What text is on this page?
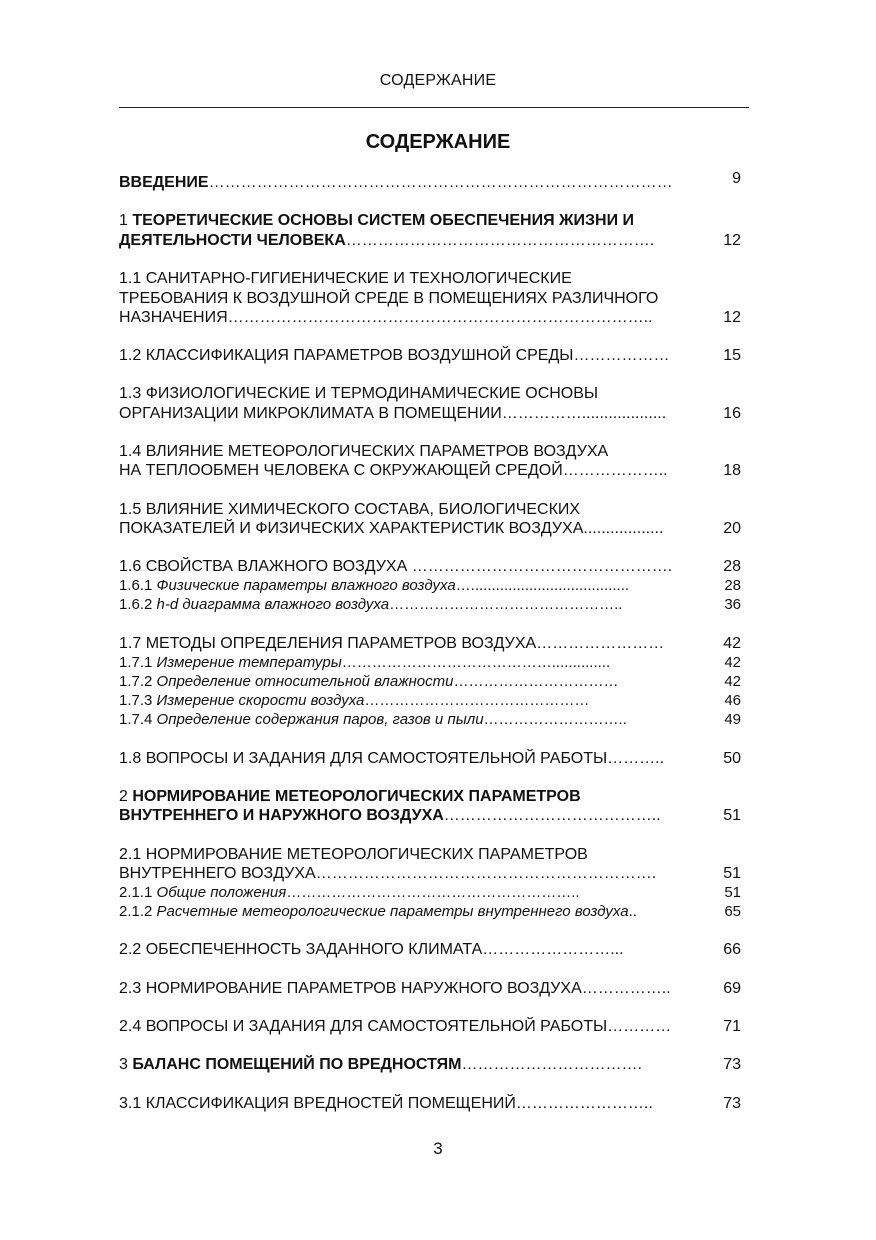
СОДЕРЖАНИЕ
СОДЕРЖАНИЕ
ВВЕДЕНИЕ……………………………………………………………………………	9
1 ТЕОРЕТИЧЕСКИЕ ОСНОВЫ СИСТЕМ ОБЕСПЕЧЕНИЯ ЖИЗНИ И
ДЕЯТЕЛЬНОСТИ ЧЕЛОВЕКА………………………………………………….	12
1.1 САНИТАРНО-ГИГИЕНИЧЕСКИЕ И ТЕХНОЛОГИЧЕСКИЕ
ТРЕБОВАНИЯ К ВОЗДУШНОЙ СРЕДЕ В ПОМЕЩЕНИЯХ РАЗЛИЧНОГО
НАЗНАЧЕНИЯ……………………………………………………………………..	12
1.2 КЛАССИФИКАЦИЯ ПАРАМЕТРОВ ВОЗДУШНОЙ СРЕДЫ………………	15
1.3 ФИЗИОЛОГИЧЕСКИЕ И ТЕРМОДИНАМИЧЕСКИЕ ОСНОВЫ
ОРГАНИЗАЦИИ МИКРОКЛИМАТА В ПОМЕЩЕНИИ……………...................	16
1.4 ВЛИЯНИЕ МЕТЕОРОЛОГИЧЕСКИХ ПАРАМЕТРОВ ВОЗДУХА
НА ТЕПЛООБМЕН ЧЕЛОВЕКА С ОКРУЖАЮЩЕЙ СРЕДОЙ………………..	18
1.5 ВЛИЯНИЕ ХИМИЧЕСКОГО СОСТАВА, БИОЛОГИЧЕСКИХ
ПОКАЗАТЕЛЕЙ И ФИЗИЧЕСКИХ ХАРАКТЕРИСТИК ВОЗДУХА..................	20
1.6 СВОЙСТВА ВЛАЖНОГО ВОЗДУХА ………………………………………….	28
1.6.1 Физические параметры влажного воздуха…......................................	28
1.6.2 h-d диаграмма влажного воздуха………………………………………..	36
1.7 МЕТОДЫ ОПРЕДЕЛЕНИЯ ПАРАМЕТРОВ ВОЗДУХА……………………	42
1.7.1 Измерение температуры……………………………………..............	42
1.7.2 Определение относительной влажности……………………………	42
1.7.3 Измерение скорости воздуха………………………………………	46
1.7.4 Определение содержания паров, газов и пыли………………………..	49
1.8 ВОПРОСЫ И ЗАДАНИЯ ДЛЯ САМОСТОЯТЕЛЬНОЙ РАБОТЫ………..	50
2 НОРМИРОВАНИЕ МЕТЕОРОЛОГИЧЕСКИХ ПАРАМЕТРОВ
ВНУТРЕННЕГО И НАРУЖНОГО ВОЗДУХА…………………………………..	51
2.1 НОРМИРОВАНИЕ МЕТЕОРОЛОГИЧЕСКИХ ПАРАМЕТРОВ
ВНУТРЕННЕГО ВОЗДУХА……………………………………………………….	51
2.1.1 Общие положения…………………………………………………..	51
2.1.2 Расчетные метеорологические параметры внутреннего воздуха..	65
2.2 ОБЕСПЕЧЕННОСТЬ ЗАДАННОГО КЛИМАТА……………………...	66
2.3 НОРМИРОВАНИЕ ПАРАМЕТРОВ НАРУЖНОГО ВОЗДУХА……………..	69
2.4 ВОПРОСЫ И ЗАДАНИЯ ДЛЯ САМОСТОЯТЕЛЬНОЙ РАБОТЫ…………	71
3 БАЛАНС ПОМЕЩЕНИЙ ПО ВРЕДНОСТЯМ…………………………….	73
3.1 КЛАССИФИКАЦИЯ ВРЕДНОСТЕЙ ПОМЕЩЕНИЙ……………………..	73
3
